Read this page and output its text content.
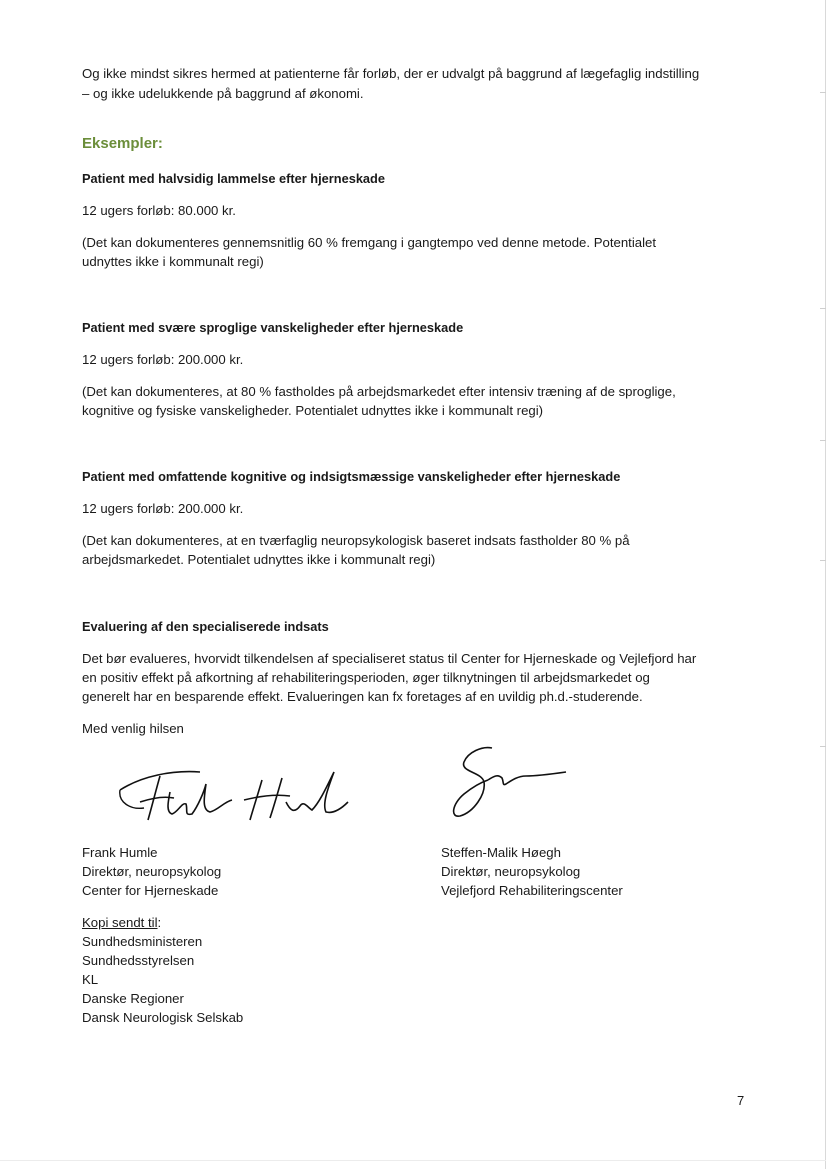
Og ikke mindst sikres hermed at patienterne får forløb, der er udvalgt på baggrund af lægefaglig indstilling
– og ikke udelukkende på baggrund af økonomi.
Eksempler:
Patient med halvsidig lammelse efter hjerneskade
12 ugers forløb: 80.000 kr.
(Det kan dokumenteres gennemsnitlig 60 % fremgang i gangtempo ved denne metode. Potentialet
udnyttes ikke i kommunalt regi)
Patient med svære sproglige vanskeligheder efter hjerneskade
12 ugers forløb: 200.000 kr.
(Det kan dokumenteres, at 80 % fastholdes på arbejdsmarkedet efter intensiv træning af de sproglige,
kognitive og fysiske vanskeligheder. Potentialet udnyttes ikke i kommunalt regi)
Patient med omfattende kognitive og indsigtsmæssige vanskeligheder efter hjerneskade
12 ugers forløb: 200.000 kr.
(Det kan dokumenteres, at en tværfaglig neuropsykologisk baseret indsats fastholder 80 % på
arbejdsmarkedet. Potentialet udnyttes ikke i kommunalt regi)
Evaluering af den specialiserede indsats
Det bør evalueres, hvorvidt tilkendelsen af specialiseret status til Center for Hjerneskade og Vejlefjord har
en positiv effekt på afkortning af rehabiliteringsperioden, øger tilknytningen til arbejdsmarkedet og
generelt har en besparende effekt. Evalueringen kan fx foretages af en uvildig ph.d.-studerende.
Med venlig hilsen
Frank Humle
Direktør, neuropsykolog
Center for Hjerneskade
Steffen-Malik Høegh
Direktør, neuropsykolog
Vejlefjord Rehabiliteringscenter
Kopi sendt til:
Sundhedsministeren
Sundhedsstyrelsen
KL
Danske Regioner
Dansk Neurologisk Selskab
7
